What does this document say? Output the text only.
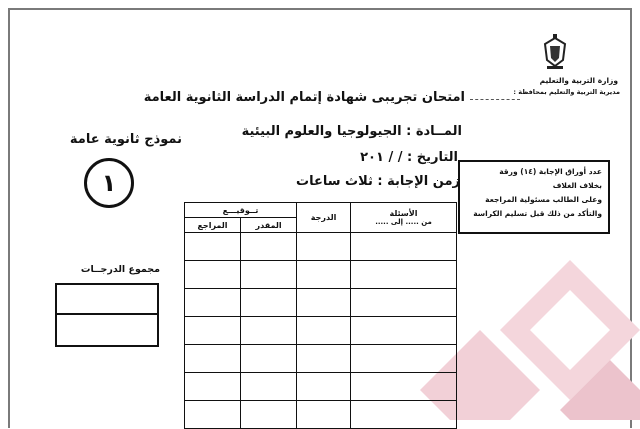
وزارة التربية والتعليم
مديرية التربية والتعليم بمحافظة :
امتحان تجريبى شهادة إتمام الدراسة الثانوية العامة
المــادة : الجيولوجيا والعلوم البيئية
التاريخ : / / ٢٠١
زمن الإجابة : ثلاث ساعات
نموذج ثانوية عامة
١	عدد أوراق الإجابة (١٤) ورقة
بخلاف الغلاف
وعلى الطالب مسئولية المراجعة
والتأكد من ذلك قبل تسليم الكراسة
مجموع الدرجــات
الأسئلة
من ..... إلى .....	الدرجة	تــوقيـــع	
		المقدر	المراجع
